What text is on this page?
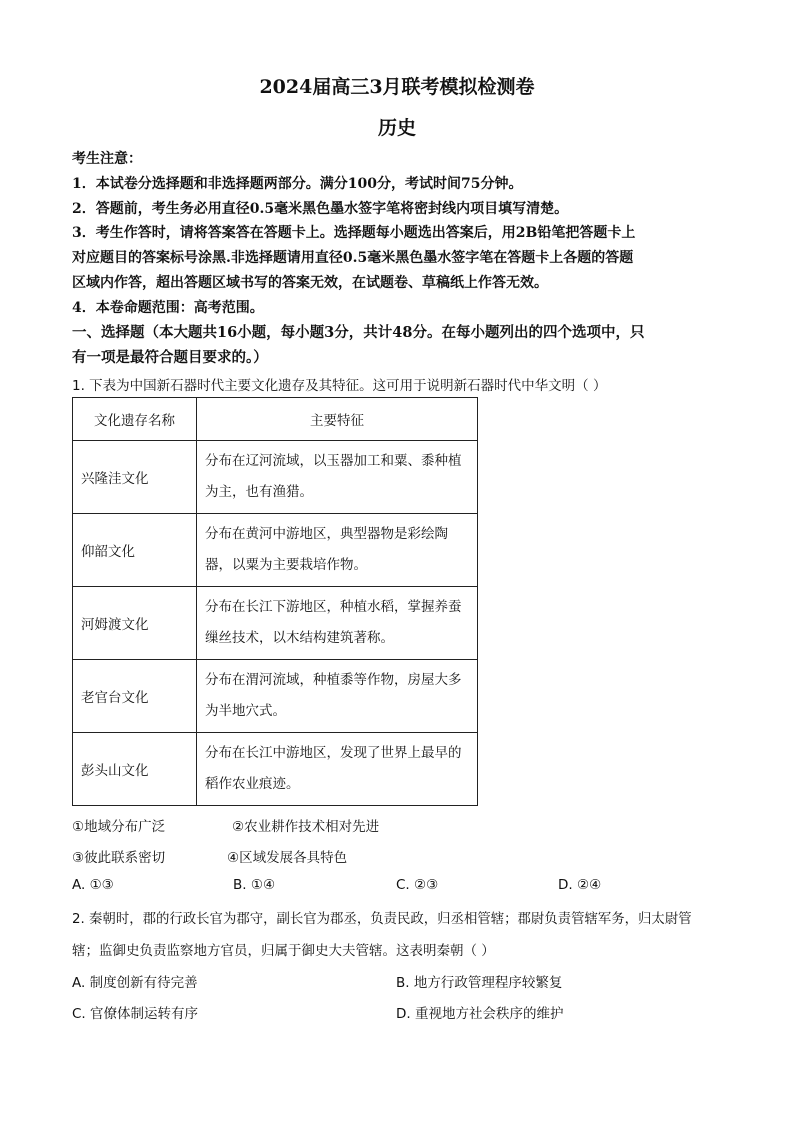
2024届高三3月联考模拟检测卷
历史
考生注意：
1．本试卷分选择题和非选择题两部分。满分100分，考试时间75分钟。
2．答题前，考生务必用直径0.5毫米黑色墨水签字笔将密封线内项目填写清楚。
3．考生作答时，请将答案答在答题卡上。选择题每小题选出答案后，用2B铅笔把答题卡上
对应题目的答案标号涂黑.非选择题请用直径0.5毫米黑色墨水签字笔在答题卡上各题的答题
区域内作答，超出答题区域书写的答案无效，在试题卷、草稿纸上作答无效。
4．本卷命题范围：高考范围。
一、选择题（本大题共16小题，每小题3分，共计48分。在每小题列出的四个选项中，只
有一项是最符合题目要求的。）
1. 下表为中国新石器时代主要文化遗存及其特征。这可用于说明新石器时代中华文明（ ）
文化遗存名称	主要特征
兴隆洼文化	分布在辽河流域，以玉器加工和粟、黍种植
为主，也有渔猎。

仰韶文化	分布在黄河中游地区，典型器物是彩绘陶
器，以粟为主要栽培作物。

河姆渡文化	分布在长江下游地区，种植水稻，掌握养蚕
缫丝技术，以木结构建筑著称。

老官台文化	分布在渭河流域，种植黍等作物，房屋大多
为半地穴式。

彭头山文化	分布在长江中游地区，发现了世界上最早的
稻作农业痕迹。
①地域分布广泛	②农业耕作技术相对先进
③彼此联系密切	④区域发展各具特色
A. ①③	B. ①④	C. ②③	D. ②④
2. 秦朝时，郡的行政长官为郡守，副长官为郡丞，负责民政，归丞相管辖；郡尉负责管辖军务，归太尉管
辖；监御史负责监察地方官员，归属于御史大夫管辖。这表明秦朝（ ）
A. 制度创新有待完善	B. 地方行政管理程序较繁复
C. 官僚体制运转有序	D. 重视地方社会秩序的维护
